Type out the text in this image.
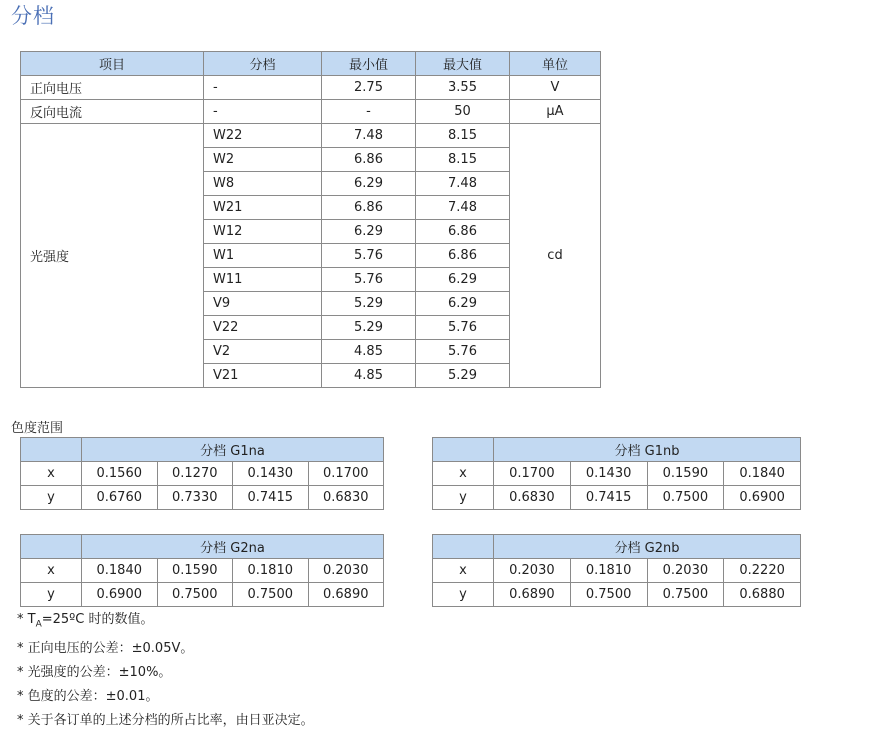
分档
项目	分档	最小值	最大值	单位
正向电压	-	2.75	3.55	V
反向电流	-	-	50	μA
光强度	W22	7.48	8.15	cd
	W2	6.86	8.15	
	W8	6.29	7.48	
	W21	6.86	7.48	
	W12	6.29	6.86	
	W1	5.76	6.86	
	W11	5.76	6.29	
	V9	5.29	6.29	
	V22	5.29	5.76	
	V2	4.85	5.76	
	V21	4.85	5.29	
色度范围
	分档 G1na			
x	0.1560	0.1270	0.1430	0.1700
y	0.6760	0.7330	0.7415	0.6830
	分档 G1nb			
x	0.1700	0.1430	0.1590	0.1840
y	0.6830	0.7415	0.7500	0.6900
	分档 G2na			
x	0.1840	0.1590	0.1810	0.2030
y	0.6900	0.7500	0.7500	0.6890
	分档 G2nb			
x	0.2030	0.1810	0.2030	0.2220
y	0.6890	0.7500	0.7500	0.6880
* $T_A=25ºC$ 时的数值。
* 正向电压的公差：±0.05V。
* 光强度的公差：±10%。
* 色度的公差：±0.01。
* 关于各订单的上述分档的所占比率，由日亚决定。
